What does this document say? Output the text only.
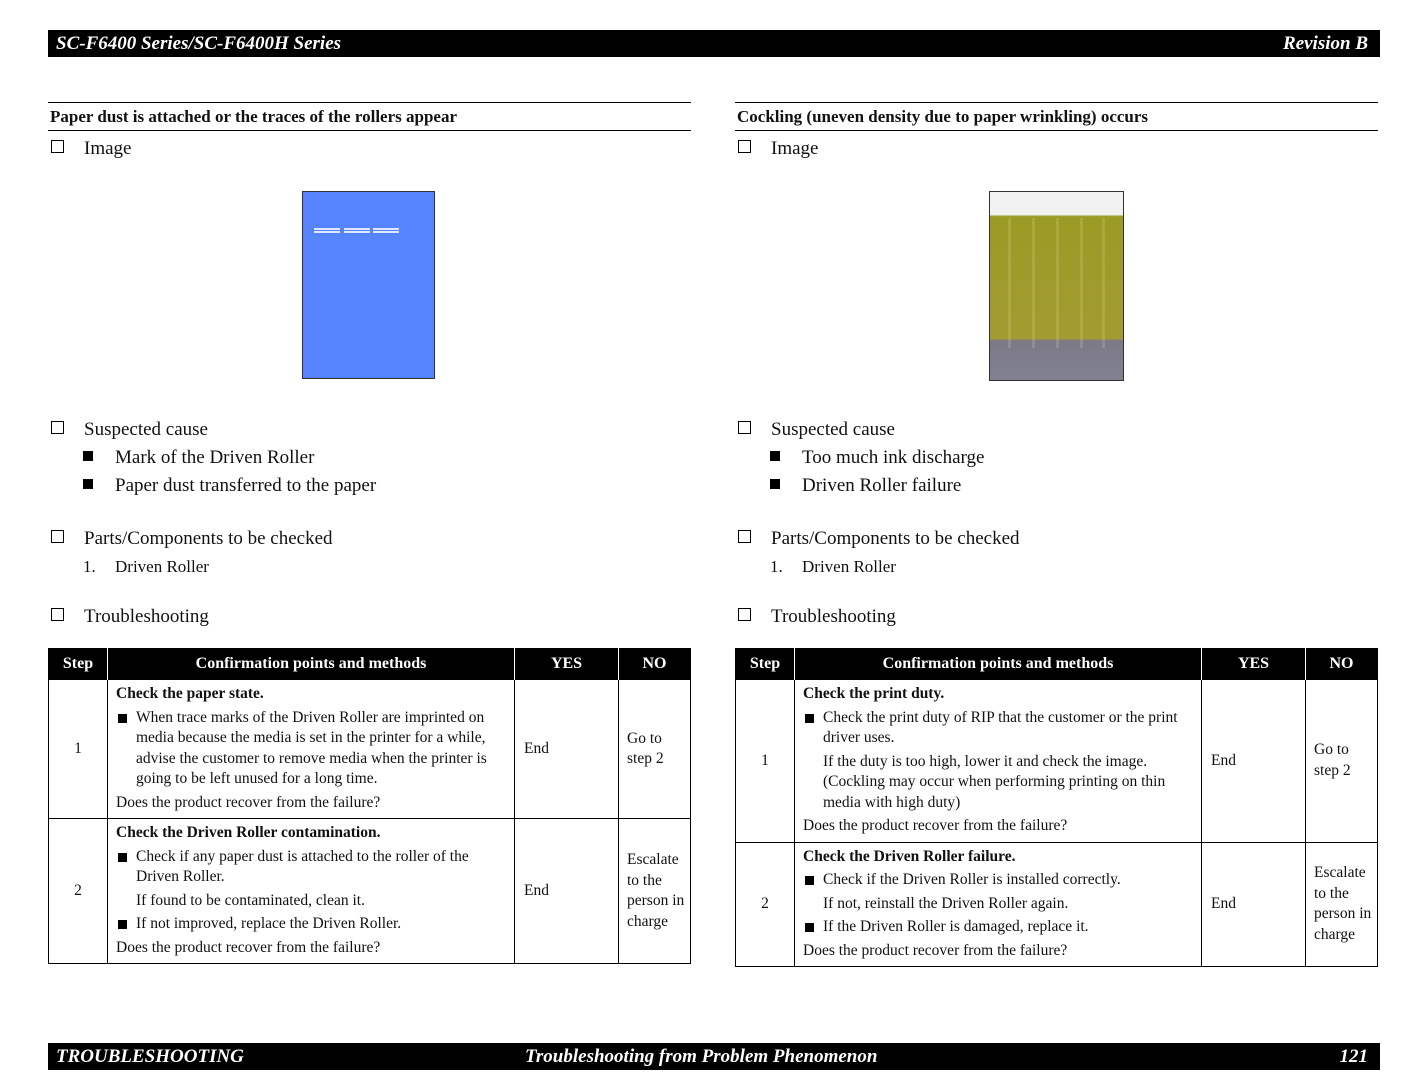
SC-F6400 Series/SC-F6400H Series	Revision B
Paper dust is attached or the traces of the rollers appear
Image
Suspected cause
Mark of the Driven Roller
Paper dust transferred to the paper
Parts/Components to be checked
1. Driven Roller
Troubleshooting
Step	Confirmation points and methods	YES	NO
1	Check the paper state.
When trace marks of the Driven Roller are imprinted on media because the media is set in the printer for a while, advise the customer to remove media when the printer is going to be left unused for a long time.
Does the product recover from the failure?	End	Go to step 2
2	Check the Driven Roller contamination.
Check if any paper dust is attached to the roller of the Driven Roller.
If found to be contaminated, clean it.
If not improved, replace the Driven Roller.
Does the product recover from the failure?	End	Escalate to the person in charge
Cockling (uneven density due to paper wrinkling) occurs
Image
Suspected cause
Too much ink discharge
Driven Roller failure
Parts/Components to be checked
1. Driven Roller
Troubleshooting
Step	Confirmation points and methods	YES	NO
1	Check the print duty.
Check the print duty of RIP that the customer or the print driver uses.
If the duty is too high, lower it and check the image. (Cockling may occur when performing printing on thin media with high duty)
Does the product recover from the failure?	End	Go to step 2
2	Check the Driven Roller failure.
Check if the Driven Roller is installed correctly.
If not, reinstall the Driven Roller again.
If the Driven Roller is damaged, replace it.
Does the product recover from the failure?	End	Escalate to the person in charge
TROUBLESHOOTING	Troubleshooting from Problem Phenomenon	121
